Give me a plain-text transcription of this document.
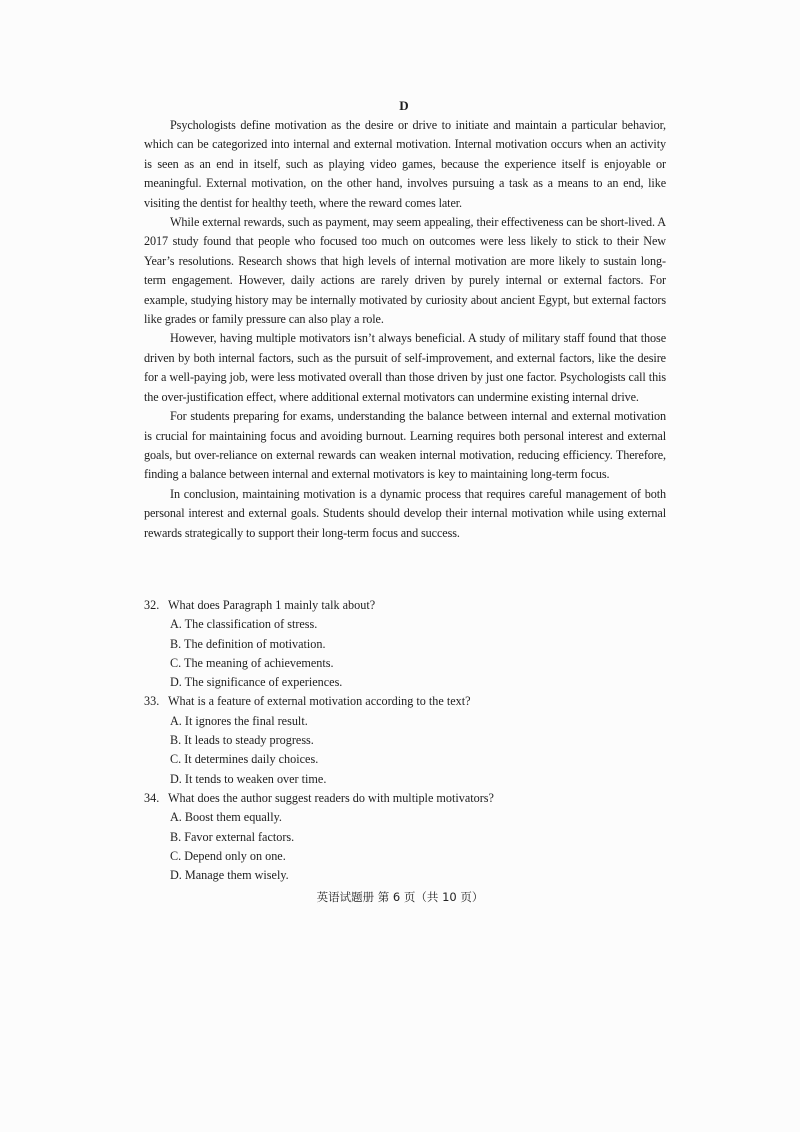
D

Psychologists define motivation as the desire or drive to initiate and maintain a particular behavior, which can be categorized into internal and external motivation. Internal motivation occurs when an activity is seen as an end in itself, such as playing video games, because the experience itself is enjoyable or meaningful. External motivation, on the other hand, involves pursuing a task as a means to an end, like visiting the dentist for healthy teeth, where the reward comes later.

While external rewards, such as payment, may seem appealing, their effectiveness can be short-lived. A 2017 study found that people who focused too much on outcomes were less likely to stick to their New Year’s resolutions. Research shows that high levels of internal motivation are more likely to sustain long-term engagement. However, daily actions are rarely driven by purely internal or external factors. For example, studying history may be internally motivated by curiosity about ancient Egypt, but external factors like grades or family pressure can also play a role.

However, having multiple motivators isn’t always beneficial. A study of military staff found that those driven by both internal factors, such as the pursuit of self-improvement, and external factors, like the desire for a well-paying job, were less motivated overall than those driven by just one factor. Psychologists call this the over-justification effect, where additional external motivators can undermine existing internal drive.

For students preparing for exams, understanding the balance between internal and external motivation is crucial for maintaining focus and avoiding burnout. Learning requires both personal interest and external goals, but over-reliance on external rewards can weaken internal motivation, reducing efficiency. Therefore, finding a balance between internal and external motivators is key to maintaining long-term focus.

In conclusion, maintaining motivation is a dynamic process that requires careful management of both personal interest and external goals. Students should develop their internal motivation while using external rewards strategically to support their long-term focus and success.

32. What does Paragraph 1 mainly talk about?
A. The classification of stress.
B. The definition of motivation.
C. The meaning of achievements.
D. The significance of experiences.
33. What is a feature of external motivation according to the text?
A. It ignores the final result.
B. It leads to steady progress.
C. It determines daily choices.
D. It tends to weaken over time.
34. What does the author suggest readers do with multiple motivators?
A. Boost them equally.
B. Favor external factors.
C. Depend only on one.
D. Manage them wisely.
英语试题册 第 6 页（共 10 页）
